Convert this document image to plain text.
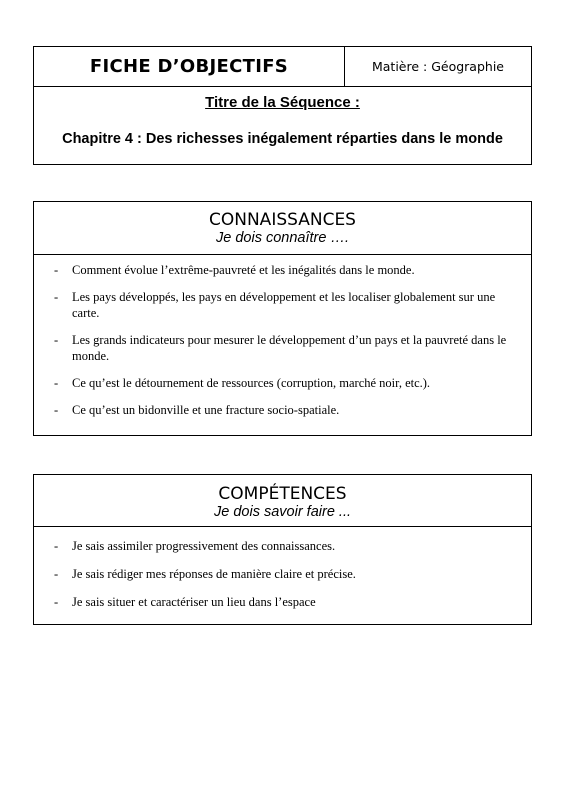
FICHE D’OBJECTIFS	Matière : Géographie
Titre de la Séquence :
Chapitre 4 : Des richesses inégalement réparties dans le monde
CONNAISSANCES
Je dois connaître ….
- Comment évolue l’extrême-pauvreté et les inégalités dans le monde.
- Les pays développés, les pays en développement et les localiser globalement sur une carte.
- Les grands indicateurs pour mesurer le développement d’un pays et la pauvreté dans le monde.
- Ce qu’est le détournement de ressources (corruption, marché noir, etc.).
- Ce qu’est un bidonville et une fracture socio-spatiale.
COMPÉTENCES
Je dois savoir faire ...
- Je sais assimiler progressivement des connaissances.
- Je sais rédiger mes réponses de manière claire et précise.
- Je sais situer et caractériser un lieu dans l’espace
